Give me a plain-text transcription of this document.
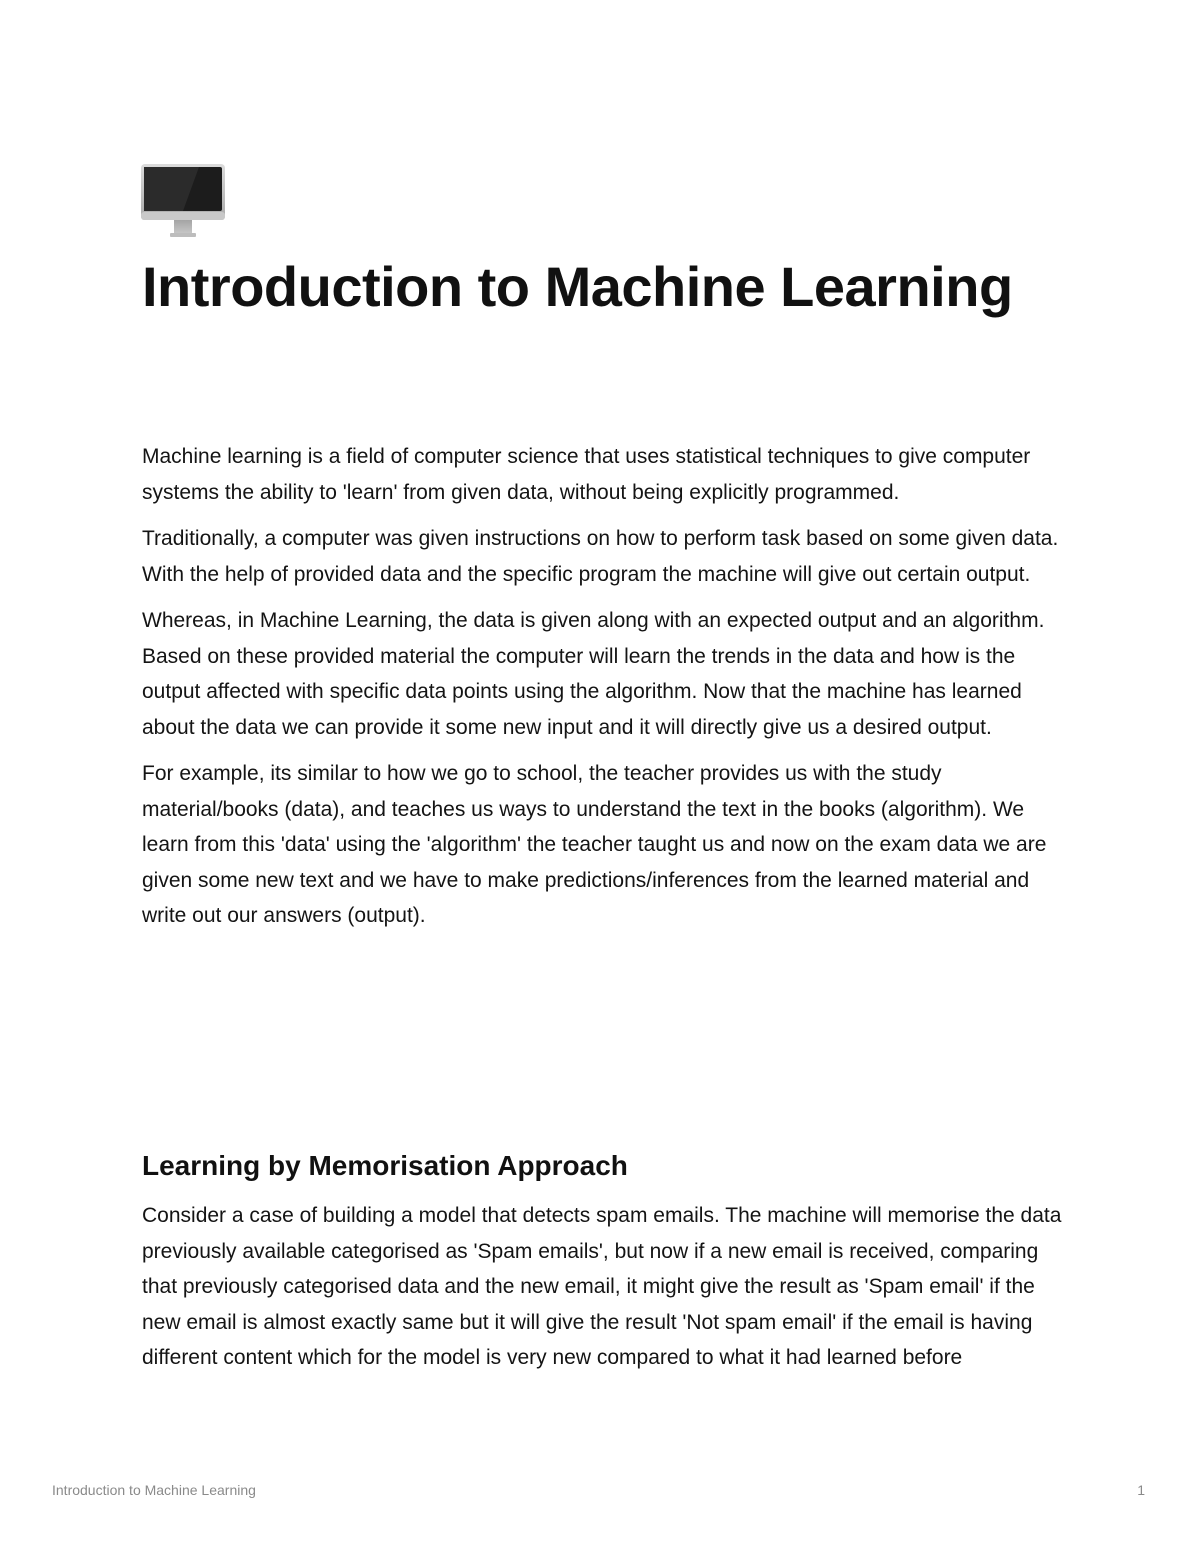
Introduction to Machine Learning

Machine learning is a field of computer science that uses statistical techniques to give computer systems the ability to 'learn' from given data, without being explicitly programmed.

Traditionally, a computer was given instructions on how to perform task based on some given data. With the help of provided data and the specific program the machine will give out certain output.

Whereas, in Machine Learning, the data is given along with an expected output and an algorithm. Based on these provided material the computer will learn the trends in the data and how is the output affected with specific data points using the algorithm. Now that the machine has learned about the data we can provide it some new input and it will directly give us a desired output.

For example, its similar to how we go to school, the teacher provides us with the study material/books (data), and teaches us ways to understand the text in the books (algorithm). We learn from this 'data' using the 'algorithm' the teacher taught us and now on the exam data we are given some new text and we have to make predictions/inferences from the learned material and write out our answers (output).

Learning by Memorisation Approach

Consider a case of building a model that detects spam emails. The machine will memorise the data previously available categorised as 'Spam emails', but now if a new email is received, comparing that previously categorised data and the new email, it might give the result as 'Spam email' if the new email is almost exactly same but it will give the result 'Not spam email' if the email is having different content which for the model is very new compared to what it had learned before

Introduction to Machine Learning	1
